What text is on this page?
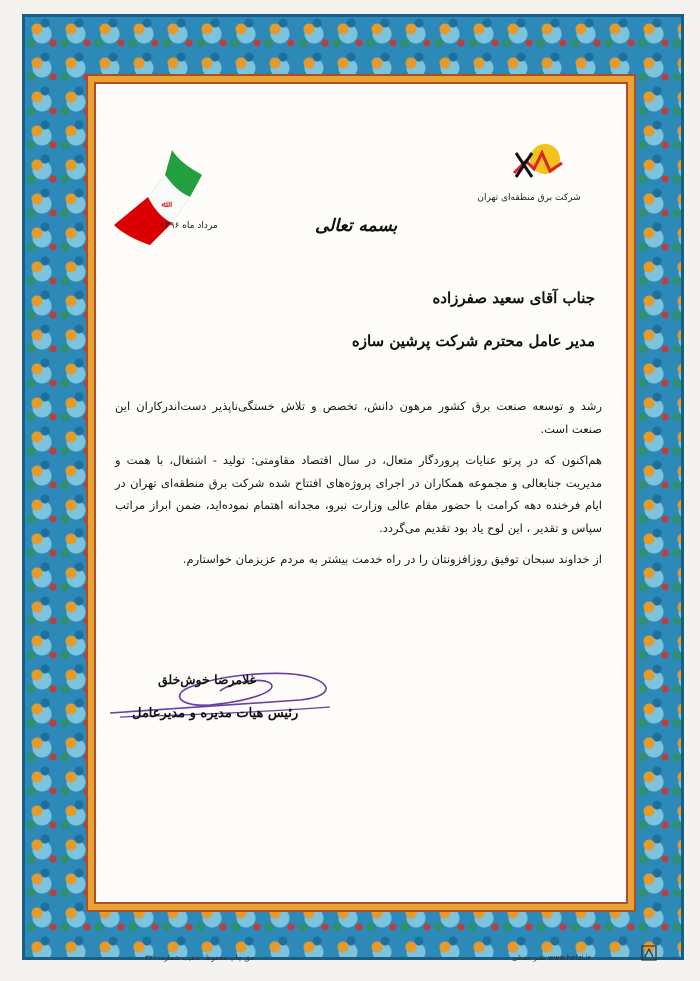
ﷲ
شرکت برق منطقه‌ای تهران
مرداد ماه ۱۳۹۶	بسمه تعالی
جناب آقای سعید صفرزاده
مدیر عامل محترم شرکت پرشین سازه

رشد و توسعه صنعت برق کشور مرهون دانش، تخصص و تلاش خستگی‌ناپذیر دست‌اندرکاران این صنعت است.

هم‌اکنون که در پرتو عنایات پروردگار متعال، در سال اقتصاد مقاومتی: تولید - اشتغال، با همت و مدیریت جنابعالی و مجموعه همکاران در اجرای پروژه‌های افتتاح شده شرکت برق منطقه‌ای تهران در ایام فرخنده دهه کرامت با حضور مقام عالی وزارت نیرو، مجدانه اهتمام نموده‌اید، ضمن ابراز مراتب سپاس و تقدیر ، این لوح یاد بود تقدیم می‌گردد.

از خداوند سبحان توفیق روزافزونتان را در راه خدمت بیشتر به مردم عزیزمان خواستارم.

غلامرضا خوش‌خلق
رئیس هیات مدیره و مدیرعامل
حق چاپ محفوظ. تذهیب شماره: ۳۲۱	www.hefzi.ir نشر حفظی
